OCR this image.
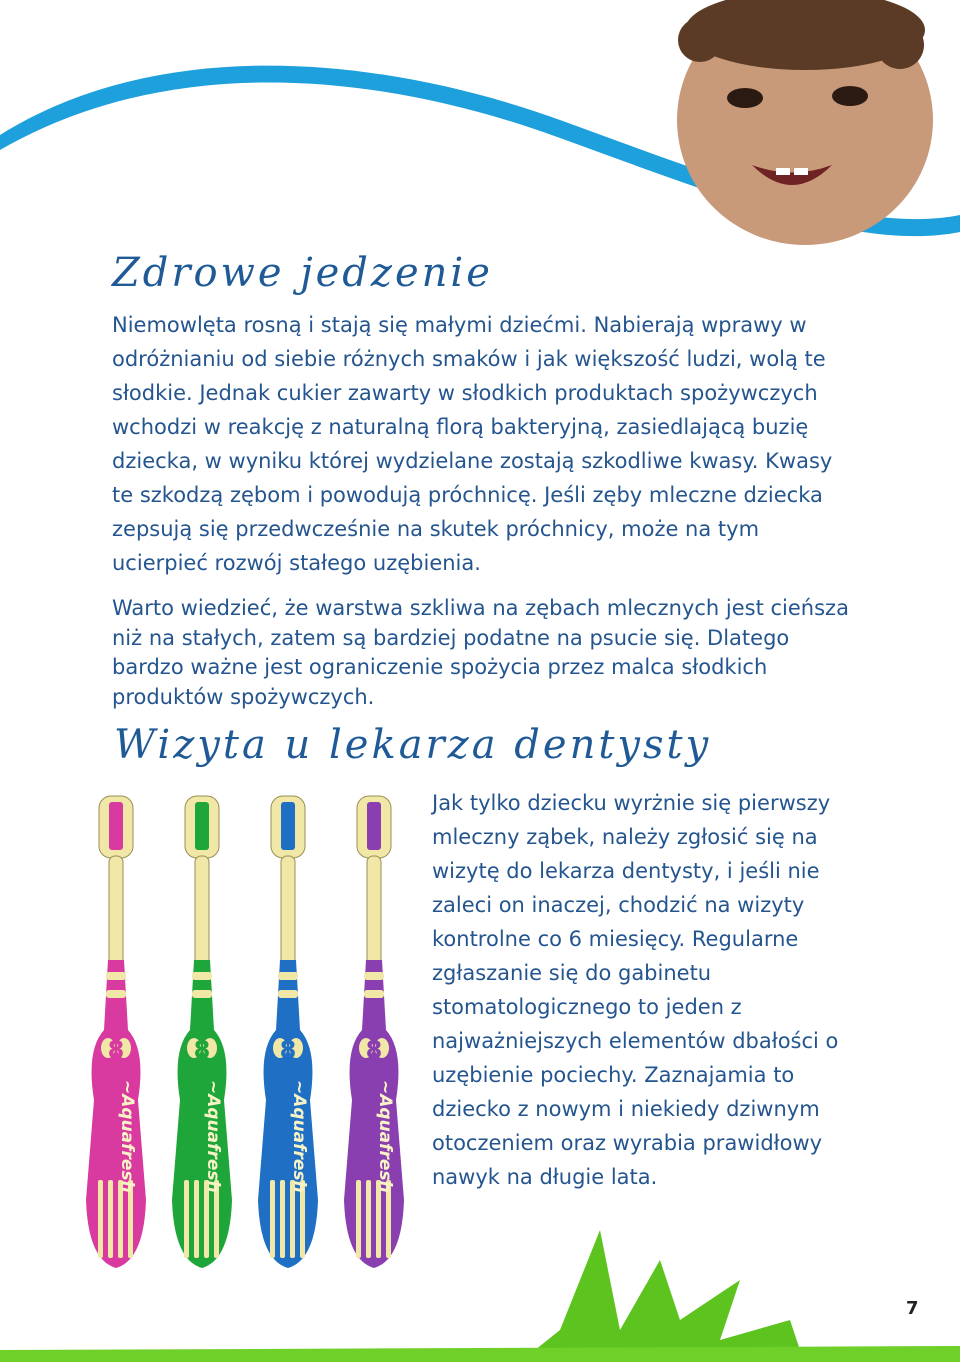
Zdrowe jedzenie

Niemowlęta rosną i stają się małymi dziećmi. Nabierają wprawy w odróżnianiu od siebie różnych smaków i jak większość ludzi, wolą te słodkie. Jednak cukier zawarty w słodkich produktach spożywczych wchodzi w reakcję z naturalną florą bakteryjną, zasiedlającą buzię dziecka, w wyniku której wydzielane zostają szkodliwe kwasy. Kwasy te szkodzą zębom i powodują próchnicę. Jeśli zęby mleczne dziecka zepsują się przedwcześnie na skutek próchnicy, może na tym ucierpieć rozwój stałego uzębienia.

Warto wiedzieć, że warstwa szkliwa na zębach mlecznych jest cieńsza niż na stałych, zatem są bardziej podatne na psucie się. Dlatego bardzo ważne jest ograniczenie spożycia przez malca słodkich produktów spożywczych.

Wizyta u lekarza dentysty
8
~Aquafresh
8
~Aquafresh
8
~Aquafresh
8
~Aquafresh

Jak tylko dziecku wyrżnie się pierwszy mleczny ząbek, należy zgłosić się na wizytę do lekarza dentysty, i jeśli nie zaleci on inaczej, chodzić na wizyty kontrolne co 6 miesięcy. Regularne zgłaszanie się do gabinetu stomatologicznego to jeden z najważniejszych elementów dbałości o uzębienie pociechy. Zaznajamia to dziecko z nowym i niekiedy dziwnym otoczeniem oraz wyrabia prawidłowy nawyk na długie lata.

7
